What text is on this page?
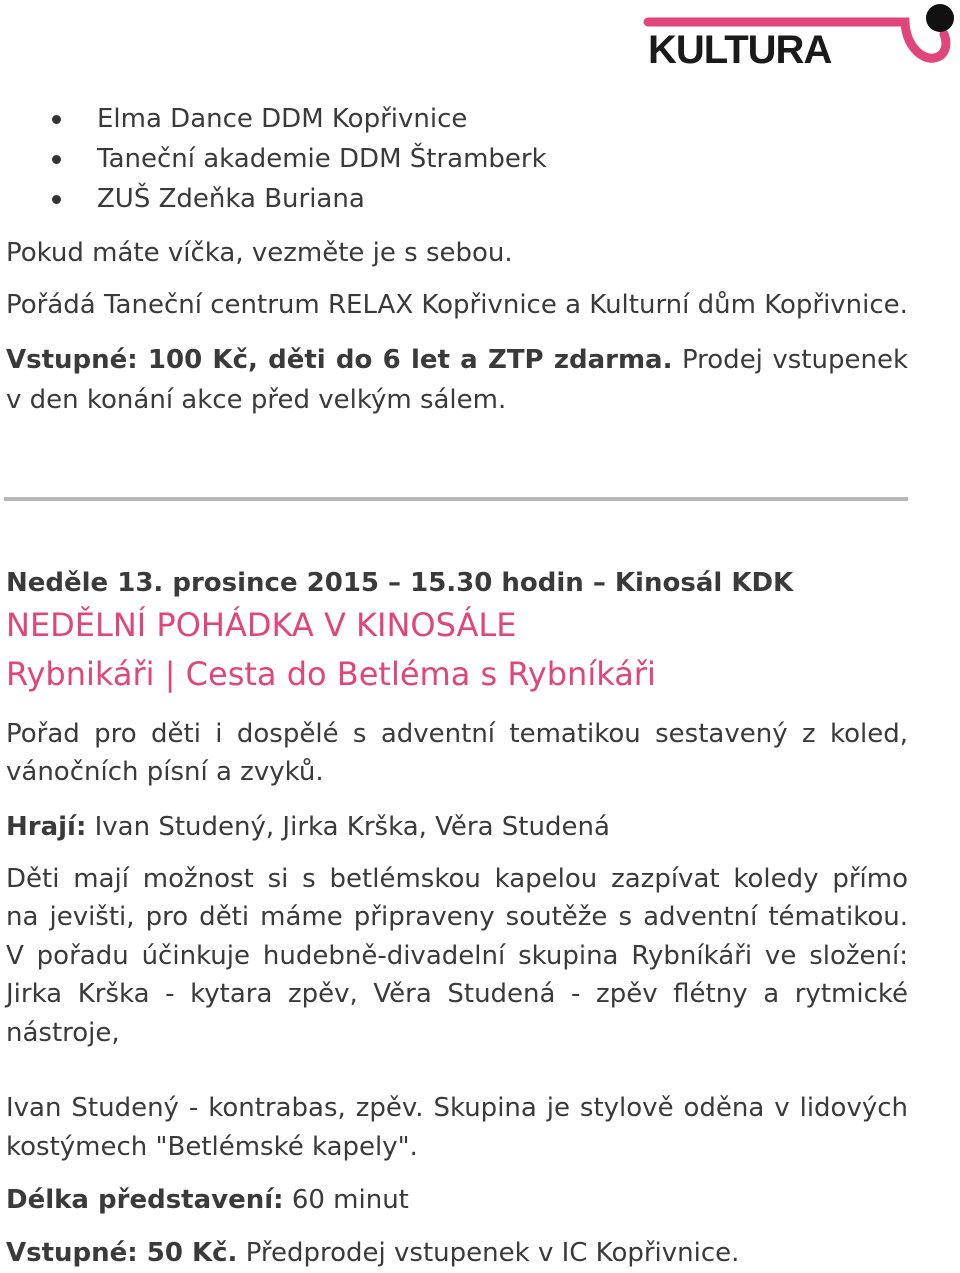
KULTURA
Elma Dance DDM Kopřivnice
Taneční akademie DDM Štramberk
ZUŠ Zdeňka Buriana
Pokud máte víčka, vezměte je s sebou.
Pořádá Taneční centrum RELAX Kopřivnice a Kulturní dům Kopřivnice.
Vstupné: 100 Kč, děti do 6 let a ZTP zdarma. Prodej vstupenek
v den konání akce před velkým sálem.
Neděle 13. prosince 2015 – 15.30 hodin – Kinosál KDK
NEDĚLNÍ POHÁDKA V KINOSÁLE
Rybnikáři | Cesta do Betléma s Rybníkáři
Pořad pro děti i dospělé s adventní tematikou sestavený z koled,
vánočních písní a zvyků.
Hrají: Ivan Studený, Jirka Krška, Věra Studená
Děti mají možnost si s betlémskou kapelou zazpívat koledy přímo
na jevišti, pro děti máme připraveny soutěže s adventní tématikou.
V pořadu účinkuje hudebně-divadelní skupina Rybníkáři ve složení:
Jirka Krška - kytara zpěv, Věra Studená - zpěv flétny a rytmické
nástroje,
Ivan Studený - kontrabas, zpěv. Skupina je stylově oděna v lidových
kostýmech "Betlémské kapely".
Délka představení: 60 minut
Vstupné: 50 Kč. Předprodej vstupenek v IC Kopřivnice.
